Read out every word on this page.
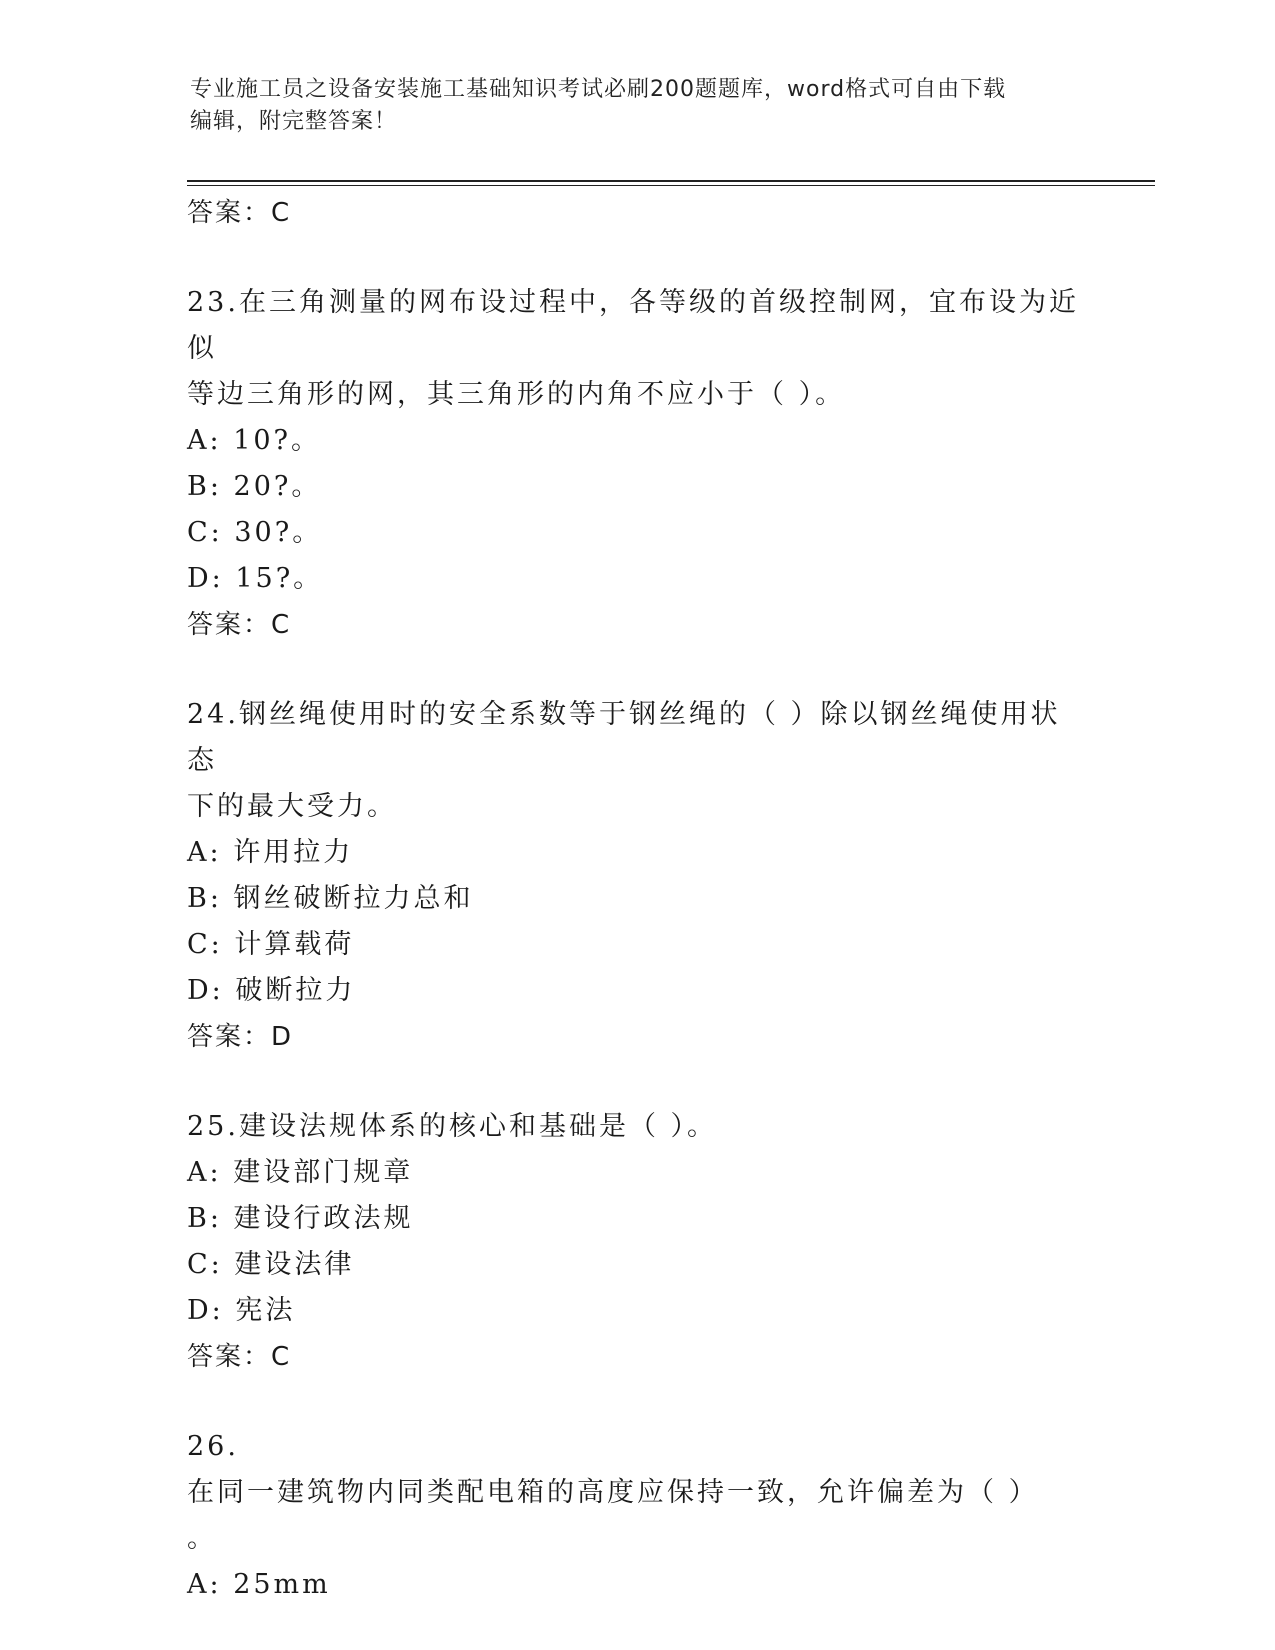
专业施工员之设备安装施工基础知识考试必刷200题题库，word格式可自由下载
编辑，附完整答案！
答案：C
23.在三角测量的网布设过程中，各等级的首级控制网，宜布设为近似
等边三角形的网，其三角形的内角不应小于（ ）。
A: 10?。
B: 20?。
C: 30?。
D: 15?。
答案：C
24.钢丝绳使用时的安全系数等于钢丝绳的（ ）除以钢丝绳使用状态
下的最大受力。
A: 许用拉力
B: 钢丝破断拉力总和
C: 计算载荷
D: 破断拉力
答案：D
25.建设法规体系的核心和基础是（ ）。
A: 建设部门规章
B: 建设行政法规
C: 建设法律
D: 宪法
答案：C
26.在同一建筑物内同类配电箱的高度应保持一致，允许偏差为（ ）
。
A: 25mm
